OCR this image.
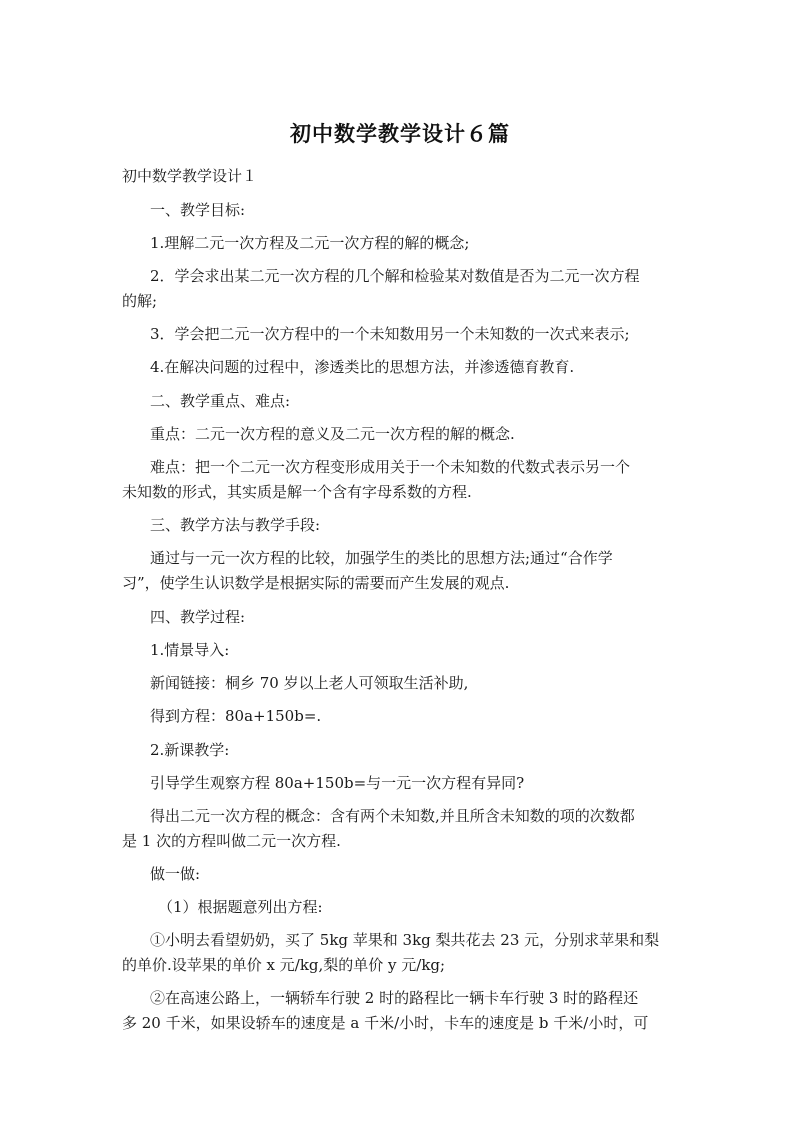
初中数学教学设计６篇
初中数学教学设计１
一、教学目标:
1.理解二元一次方程及二元一次方程的解的概念;
2．学会求出某二元一次方程的几个解和检验某对数值是否为二元一次方程
的解;
3．学会把二元一次方程中的一个未知数用另一个未知数的一次式来表示;
4.在解决问题的过程中，渗透类比的思想方法，并渗透德育教育.
二、教学重点、难点:
重点：二元一次方程的意义及二元一次方程的解的概念.
难点：把一个二元一次方程变形成用关于一个未知数的代数式表示另一个
未知数的形式，其实质是解一个含有字母系数的方程.
三、教学方法与教学手段:
通过与一元一次方程的比较，加强学生的类比的思想方法;通过“合作学
习”，使学生认识数学是根据实际的需要而产生发展的观点.
四、教学过程:
1.情景导入:
新闻链接：桐乡 70 岁以上老人可领取生活补助,
得到方程：80a+150b=.
2.新课教学:
引导学生观察方程 80a+150b=与一元一次方程有异同?
得出二元一次方程的概念：含有两个未知数,并且所含未知数的项的次数都
是 1 次的方程叫做二元一次方程.
做一做:
（1）根据题意列出方程:
①小明去看望奶奶，买了 5kg 苹果和 3kg 梨共花去 23 元，分别求苹果和梨
的单价.设苹果的单价 x 元/kg,梨的单价 y 元/kg;
②在高速公路上，一辆轿车行驶 2 时的路程比一辆卡车行驶 3 时的路程还
多 20 千米，如果设轿车的速度是 a 千米/小时，卡车的速度是 b 千米/小时，可
